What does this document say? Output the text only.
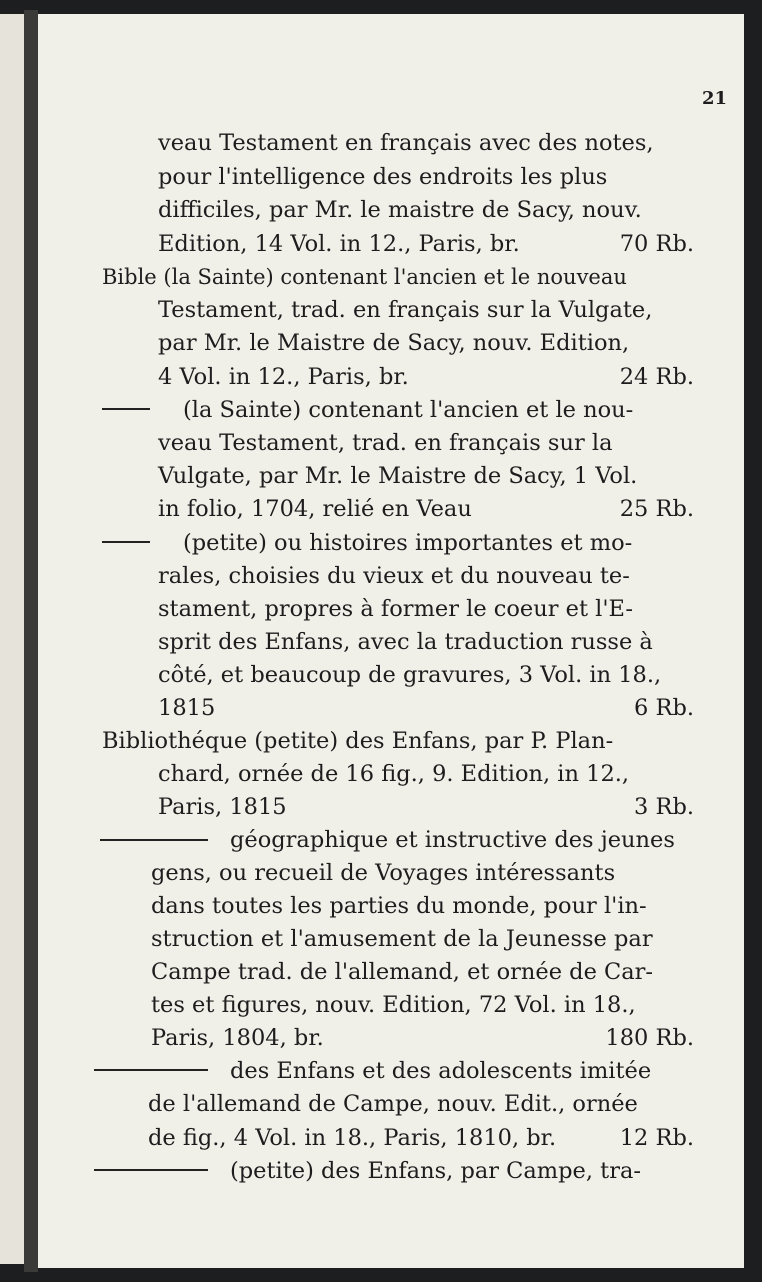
21
veau Testament en français avec des notes,
pour l'intelligence des endroits les plus
difficiles, par Mr. le maistre de Sacy, nouv.
Edition, 14 Vol. in 12., Paris, br.	70 Rb.
Bible (la Sainte) contenant l'ancien et le nouveau
Testament, trad. en français sur la Vulgate,
par Mr. le Maistre de Sacy, nouv. Edition,
4 Vol. in 12., Paris, br.	24 Rb.
(la Sainte) contenant l'ancien et le nou-
veau Testament, trad. en français sur la
Vulgate, par Mr. le Maistre de Sacy, 1 Vol.
in folio, 1704, relié en Veau	25 Rb.
(petite) ou histoires importantes et mo-
rales, choisies du vieux et du nouveau te-
stament, propres à former le coeur et l'E-
sprit des Enfans, avec la traduction russe à
côté, et beaucoup de gravures, 3 Vol. in 18.,
1815	6 Rb.
Bibliothéque (petite) des Enfans, par P. Plan-
chard, ornée de 16 fig., 9. Edition, in 12.,
Paris, 1815	3 Rb.
géographique et instructive des jeunes
gens, ou recueil de Voyages intéressants
dans toutes les parties du monde, pour l'in-
struction et l'amusement de la Jeunesse par
Campe trad. de l'allemand, et ornée de Car-
tes et figures, nouv. Edition, 72 Vol. in 18.,
Paris, 1804, br.	180 Rb.
des Enfans et des adolescents imitée
de l'allemand de Campe, nouv. Edit., ornée
de fig., 4 Vol. in 18., Paris, 1810, br.	12 Rb.
(petite) des Enfans, par Campe, tra-
